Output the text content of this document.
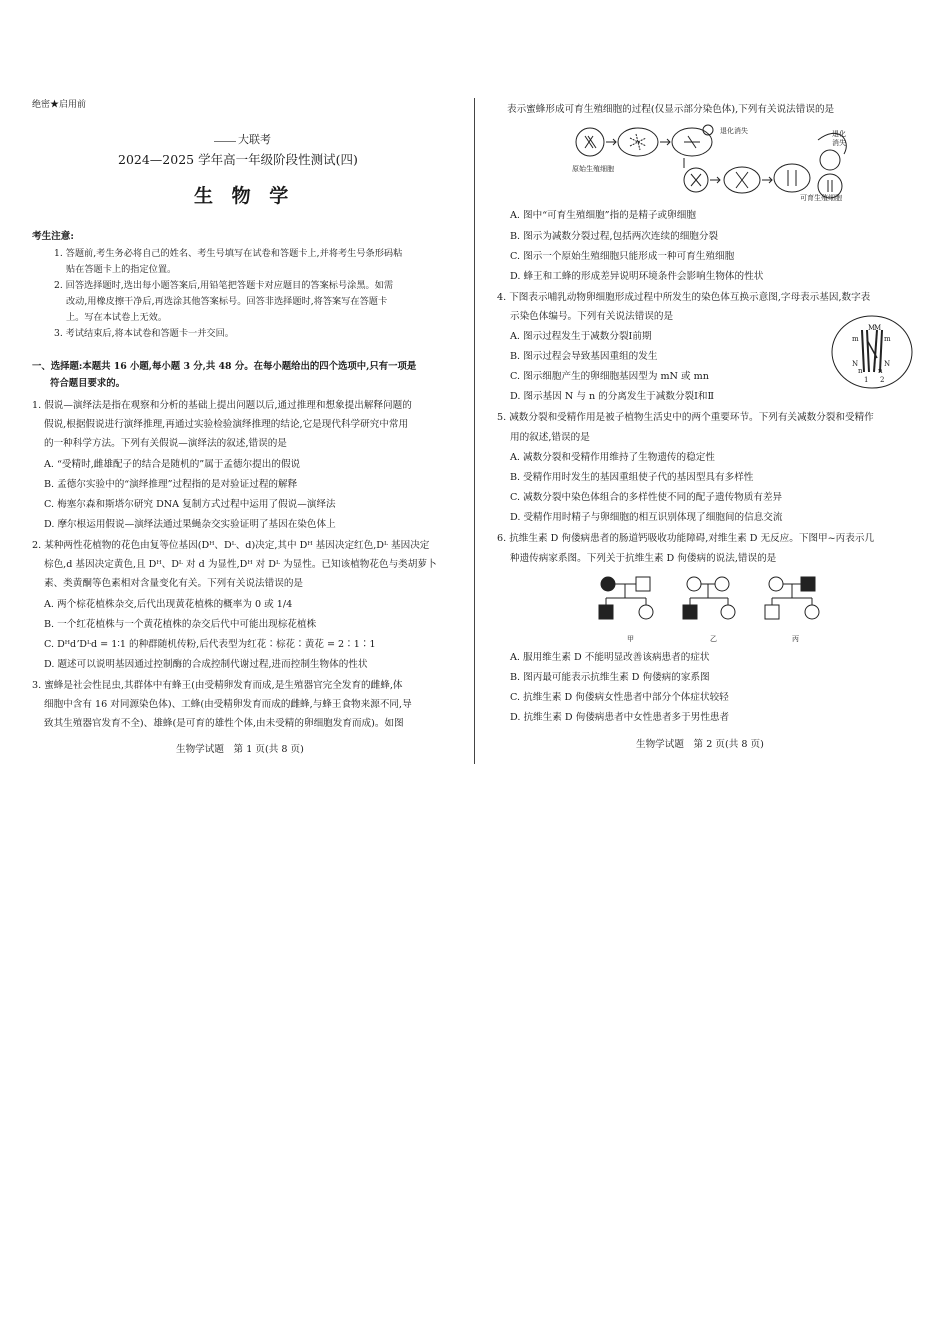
绝密★启用前
大联考
2024—2025 学年高一年级阶段性测试(四)
生 物 学
考生注意:
1. 答题前,考生务必将自己的姓名、考生号填写在试卷和答题卡上,并将考生号条形码粘
贴在答题卡上的指定位置。
2. 回答选择题时,选出每小题答案后,用铅笔把答题卡对应题目的答案标号涂黑。如需
改动,用橡皮擦干净后,再选涂其他答案标号。回答非选择题时,将答案写在答题卡
上。写在本试卷上无效。
3. 考试结束后,将本试卷和答题卡一并交回。
一、选择题:本题共 16 小题,每小题 3 分,共 48 分。在每小题给出的四个选项中,只有一项是
符合题目要求的。
1. 假说—演绎法是指在观察和分析的基础上提出问题以后,通过推理和想象提出解释问题的
假说,根据假说进行演绎推理,再通过实验检验演绎推理的结论,它是现代科学研究中常用
的一种科学方法。下列有关假说—演绎法的叙述,错误的是
A. “受精时,雌雄配子的结合是随机的”属于孟德尔提出的假说
B. 孟德尔实验中的“演绎推理”过程指的是对验证过程的解释
C. 梅塞尔森和斯塔尔研究 DNA 复制方式过程中运用了假说—演绎法
D. 摩尔根运用假说—演绎法通过果蝇杂交实验证明了基因在染色体上
2. 某种两性花植物的花色由复等位基因(Dᴴ、Dᴸ、d)决定,其中 Dᴴ 基因决定红色,Dᴸ 基因决定
棕色,d 基因决定黄色,且 Dᴴ、Dᴸ 对 d 为显性,Dᴴ 对 Dᴸ 为显性。已知该植物花色与类胡萝卜
素、类黄酮等色素相对含量变化有关。下列有关说法错误的是
A. 两个棕花植株杂交,后代出现黄花植株的概率为 0 或 1/4
B. 一个红花植株与一个黄花植株的杂交后代中可能出现棕花植株
C. DᴴdʼDᴸd = 1∶1 的种群随机传粉,后代表型为红花∶棕花∶黄花 = 2∶1∶1
D. 题述可以说明基因通过控制酶的合成控制代谢过程,进而控制生物体的性状
3. 蜜蜂是社会性昆虫,其群体中有蜂王(由受精卵发育而成,是生殖器官完全发育的雌蜂,体
细胞中含有 16 对同源染色体)、工蜂(由受精卵发育而成的雌蜂,与蜂王食物来源不同,导
致其生殖器官发育不全)、雄蜂(是可育的雄性个体,由未受精的卵细胞发育而成)。如图
生物学试题　第 1 页(共 8 页)
表示蜜蜂形成可育生殖细胞的过程(仅显示部分染色体),下列有关说法错误的是
退化消失	退化消失
原始生殖细胞
可育生殖细胞
A. 图中“可育生殖细胞”指的是精子或卵细胞
B. 图示为减数分裂过程,包括两次连续的细胞分裂
C. 图示一个原始生殖细胞只能形成一种可育生殖细胞
D. 蜂王和工蜂的形成差异说明环境条件会影响生物体的性状
4. 下图表示哺乳动物卵细胞形成过程中所发生的染色体互换示意图,字母表示基因,数字表
示染色体编号。下列有关说法错误的是
A. 图示过程发生于减数分裂Ⅰ前期
B. 图示过程会导致基因重组的发生
C. 图示细胞产生的卵细胞基因型为 mN 或 mn
D. 图示基因 N 与 n 的分离发生于减数分裂Ⅰ和Ⅱ
M
M
m	m
N	N
n n
1 2
5. 减数分裂和受精作用是被子植物生活史中的两个重要环节。下列有关减数分裂和受精作
用的叙述,错误的是
A. 减数分裂和受精作用维持了生物遗传的稳定性
B. 受精作用时发生的基因重组使子代的基因型具有多样性
C. 减数分裂中染色体组合的多样性使不同的配子遗传物质有差异
D. 受精作用时精子与卵细胞的相互识别体现了细胞间的信息交流
6. 抗维生素 D 佝偻病患者的肠道钙吸收功能障碍,对维生素 D 无反应。下图甲~丙表示几
种遗传病家系图。下列关于抗维生素 D 佝偻病的说法,错误的是
甲	乙	丙
A. 服用维生素 D 不能明显改善该病患者的症状
B. 图丙最可能表示抗维生素 D 佝偻病的家系图
C. 抗维生素 D 佝偻病女性患者中部分个体症状较轻
D. 抗维生素 D 佝偻病患者中女性患者多于男性患者
生物学试题　第 2 页(共 8 页)
